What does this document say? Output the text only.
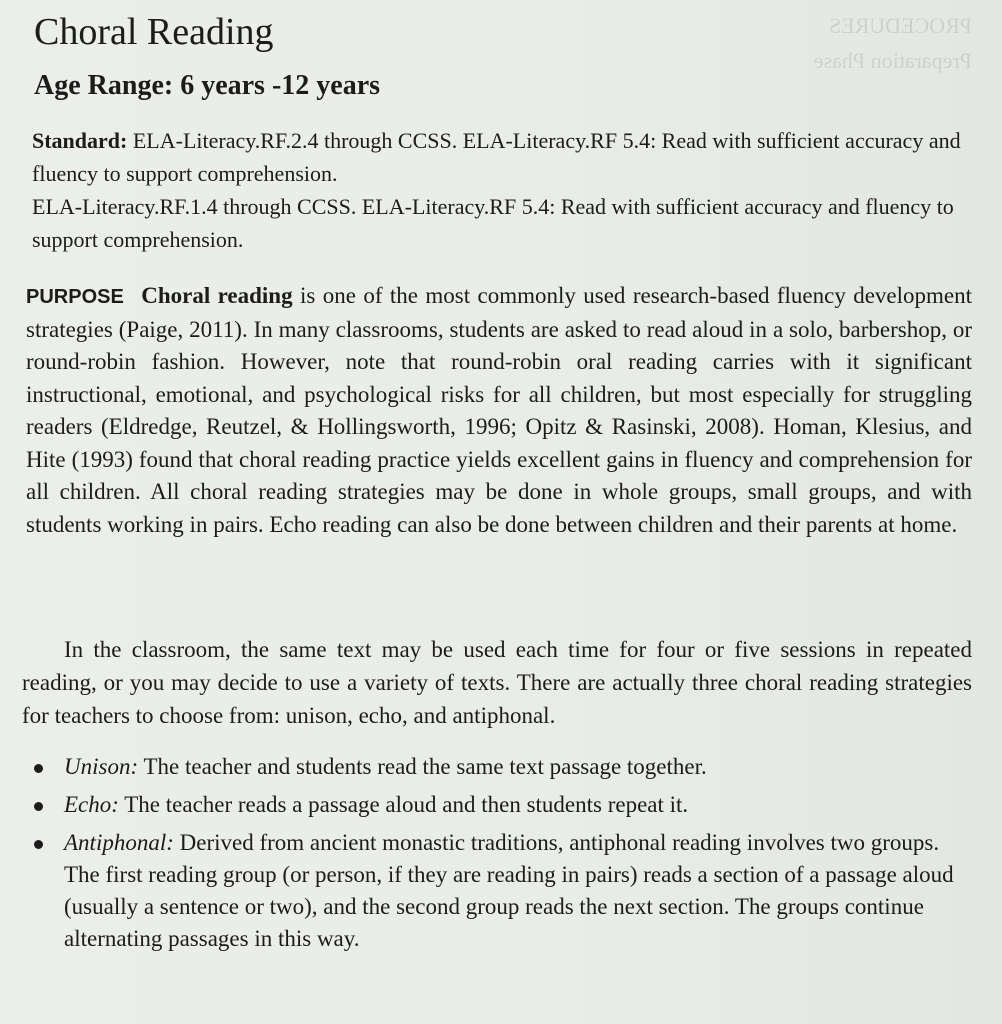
PROCEDURES
Preparation Phase
Choral Reading
Age Range: 6 years -12 years
Standard: ELA-Literacy.RF.2.4 through CCSS. ELA-Literacy.RF 5.4: Read with sufficient accuracy and fluency to support comprehension.
ELA-Literacy.RF.1.4 through CCSS. ELA-Literacy.RF 5.4: Read with sufficient accuracy and fluency to support comprehension.

PURPOSE Choral reading is one of the most commonly used research-based fluency development strategies (Paige, 2011). In many classrooms, students are asked to read aloud in a solo, barbershop, or round-robin fashion. However, note that round-robin oral reading carries with it significant instructional, emotional, and psychological risks for all children, but most especially for struggling readers (Eldredge, Reutzel, & Hollingsworth, 1996; Opitz & Rasinski, 2008). Homan, Klesius, and Hite (1993) found that choral reading practice yields excellent gains in fluency and comprehension for all children. All choral reading strategies may be done in whole groups, small groups, and with students working in pairs. Echo reading can also be done between children and their parents at home.

In the classroom, the same text may be used each time for four or five sessions in repeated reading, or you may decide to use a variety of texts. There are actually three choral reading strategies for teachers to choose from: unison, echo, and antiphonal.

Unison: The teacher and students read the same text passage together.
Echo: The teacher reads a passage aloud and then students repeat it.
Antiphonal: Derived from ancient monastic traditions, antiphonal reading involves two groups. The first reading group (or person, if they are reading in pairs) reads a section of a passage aloud (usually a sentence or two), and the second group reads the next section. The groups continue alternating passages in this way.
